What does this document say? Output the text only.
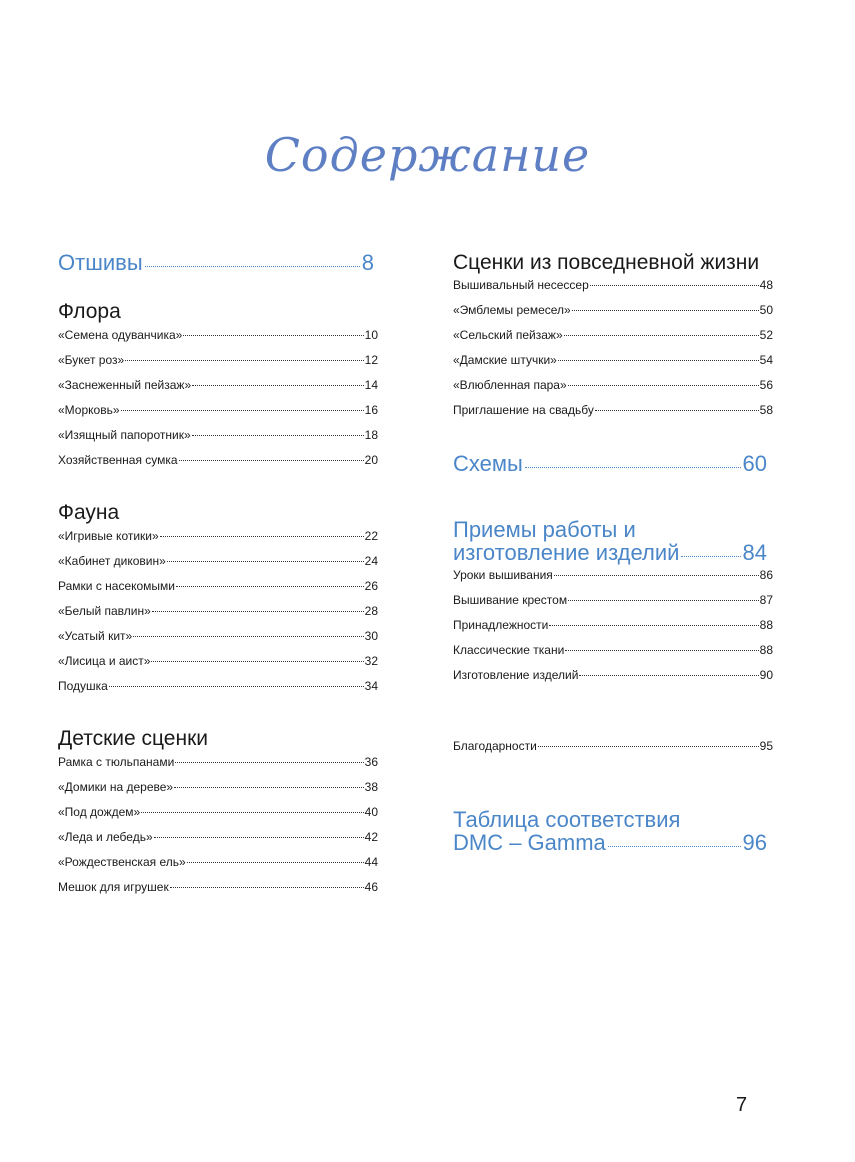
Содержание
Отшивы	8
Флора
«Семена одуванчика»	10
«Букет роз»	12
«Заснеженный пейзаж»	14
«Морковь»	16
«Изящный папоротник»	18
Хозяйственная сумка	20
Фауна
«Игривые котики»	22
«Кабинет диковин»	24
Рамки с насекомыми	26
«Белый павлин»	28
«Усатый кит»	30
«Лисица и аист»	32
Подушка	34
Детские сценки
Рамка с тюльпанами	36
«Домики на дереве»	38
«Под дождем»	40
«Леда и лебедь»	42
«Рождественская ель»	44
Мешок для игрушек	46
Сценки из повседневной жизни
Вышивальный несессер	48
«Эмблемы ремесел»	50
«Сельский пейзаж»	52
«Дамские штучки»	54
«Влюбленная пара»	56
Приглашение на свадьбу	58
Схемы	60
Приемы работы и
изготовление изделий	84
Уроки вышивания	86
Вышивание крестом	87
Принадлежности	88
Классические ткани	88
Изготовление изделий	90
Благодарности	95
Таблица соответствия
DMC – Gamma	96
7
